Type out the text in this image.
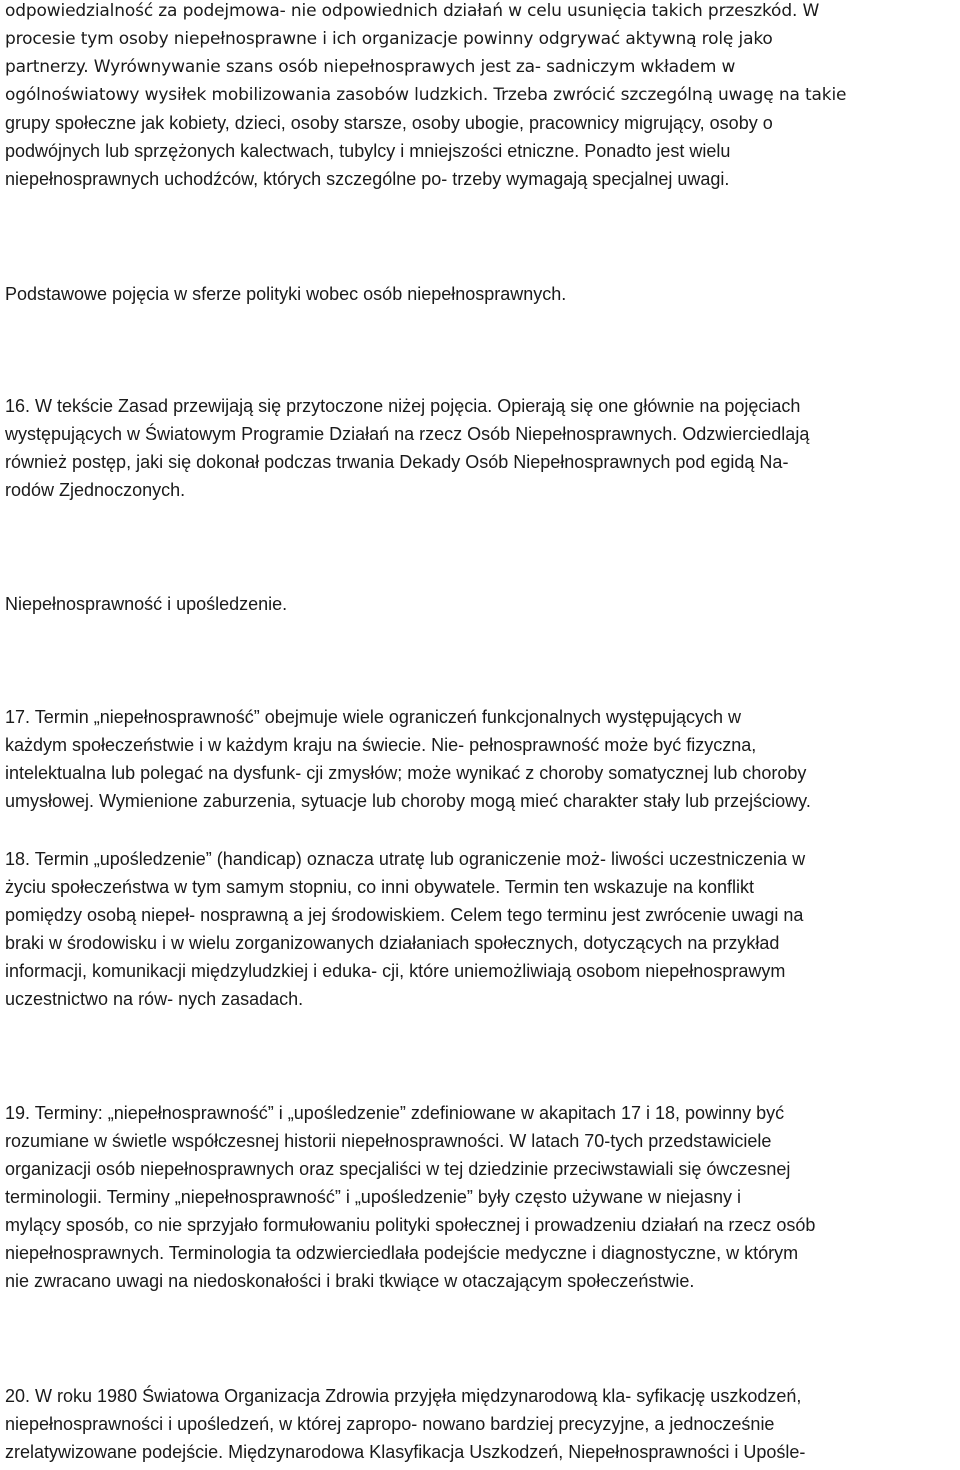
odpowiedzialność za podejmowa- nie odpowiednich działań w celu usunięcia takich przeszkód. W
procesie tym osoby niepełnosprawne i ich organizacje powinny odgrywać aktywną rolę jako
partnerzy. Wyrównywanie szans osób niepełnosprawych jest za- sadniczym wkładem w
ogólnoświatowy wysiłek mobilizowania zasobów ludzkich. Trzeba zwrócić szczególną uwagę na takie
grupy społeczne jak kobiety, dzieci, osoby starsze, osoby ubogie, pracownicy migrujący, osoby o
podwójnych lub sprzężonych kalectwach, tubylcy i mniejszości etniczne. Ponadto jest wielu
niepełnosprawnych uchodźców, których szczególne po- trzeby wymagają specjalnej uwagi.
Podstawowe pojęcia w sferze polityki wobec osób niepełnosprawnych.
16. W tekście Zasad przewijają się przytoczone niżej pojęcia. Opierają się one głównie na pojęciach
występujących w Światowym Programie Działań na rzecz Osób Niepełnosprawnych. Odzwierciedlają
również postęp, jaki się dokonał podczas trwania Dekady Osób Niepełnosprawnych pod egidą Na-
rodów Zjednoczonych.
Niepełnosprawność i upośledzenie.
17. Termin „niepełnosprawność” obejmuje wiele ograniczeń funkcjonalnych występujących w
każdym społeczeństwie i w każdym kraju na świecie. Nie- pełnosprawność może być fizyczna,
intelektualna lub polegać na dysfunk- cji zmysłów; może wynikać z choroby somatycznej lub choroby
umysłowej. Wymienione zaburzenia, sytuacje lub choroby mogą mieć charakter stały lub przejściowy.
18. Termin „upośledzenie” (handicap) oznacza utratę lub ograniczenie moż- liwości uczestniczenia w
życiu społeczeństwa w tym samym stopniu, co inni obywatele. Termin ten wskazuje na konflikt
pomiędzy osobą niepeł- nosprawną a jej środowiskiem. Celem tego terminu jest zwrócenie uwagi na
braki w środowisku i w wielu zorganizowanych działaniach społecznych, dotyczących na przykład
informacji, komunikacji międzyludzkiej i eduka- cji, które uniemożliwiają osobom niepełnosprawym
uczestnictwo na rów- nych zasadach.
19. Terminy: „niepełnosprawność” i „upośledzenie” zdefiniowane w akapitach 17 i 18, powinny być
rozumiane w świetle współczesnej historii niepełnosprawności. W latach 70-tych przedstawiciele
organizacji osób niepełnosprawnych oraz specjaliści w tej dziedzinie przeciwstawiali się ówczesnej
terminologii. Terminy „niepełnosprawność” i „upośledzenie” były często używane w niejasny i
mylący sposób, co nie sprzyjało formułowaniu polityki społecznej i prowadzeniu działań na rzecz osób
niepełnosprawnych. Terminologia ta odzwierciedlała podejście medyczne i diagnostyczne, w którym
nie zwracano uwagi na niedoskonałości i braki tkwiące w otaczającym społeczeństwie.
20. W roku 1980 Światowa Organizacja Zdrowia przyjęła międzynarodową kla- syfikację uszkodzeń,
niepełnosprawności i upośledzeń, w której zapropo- nowano bardziej precyzyjne, a jednocześnie
zrelatywizowane podejście. Międzynarodowa Klasyfikacja Uszkodzeń, Niepełnosprawności i Upośle-
